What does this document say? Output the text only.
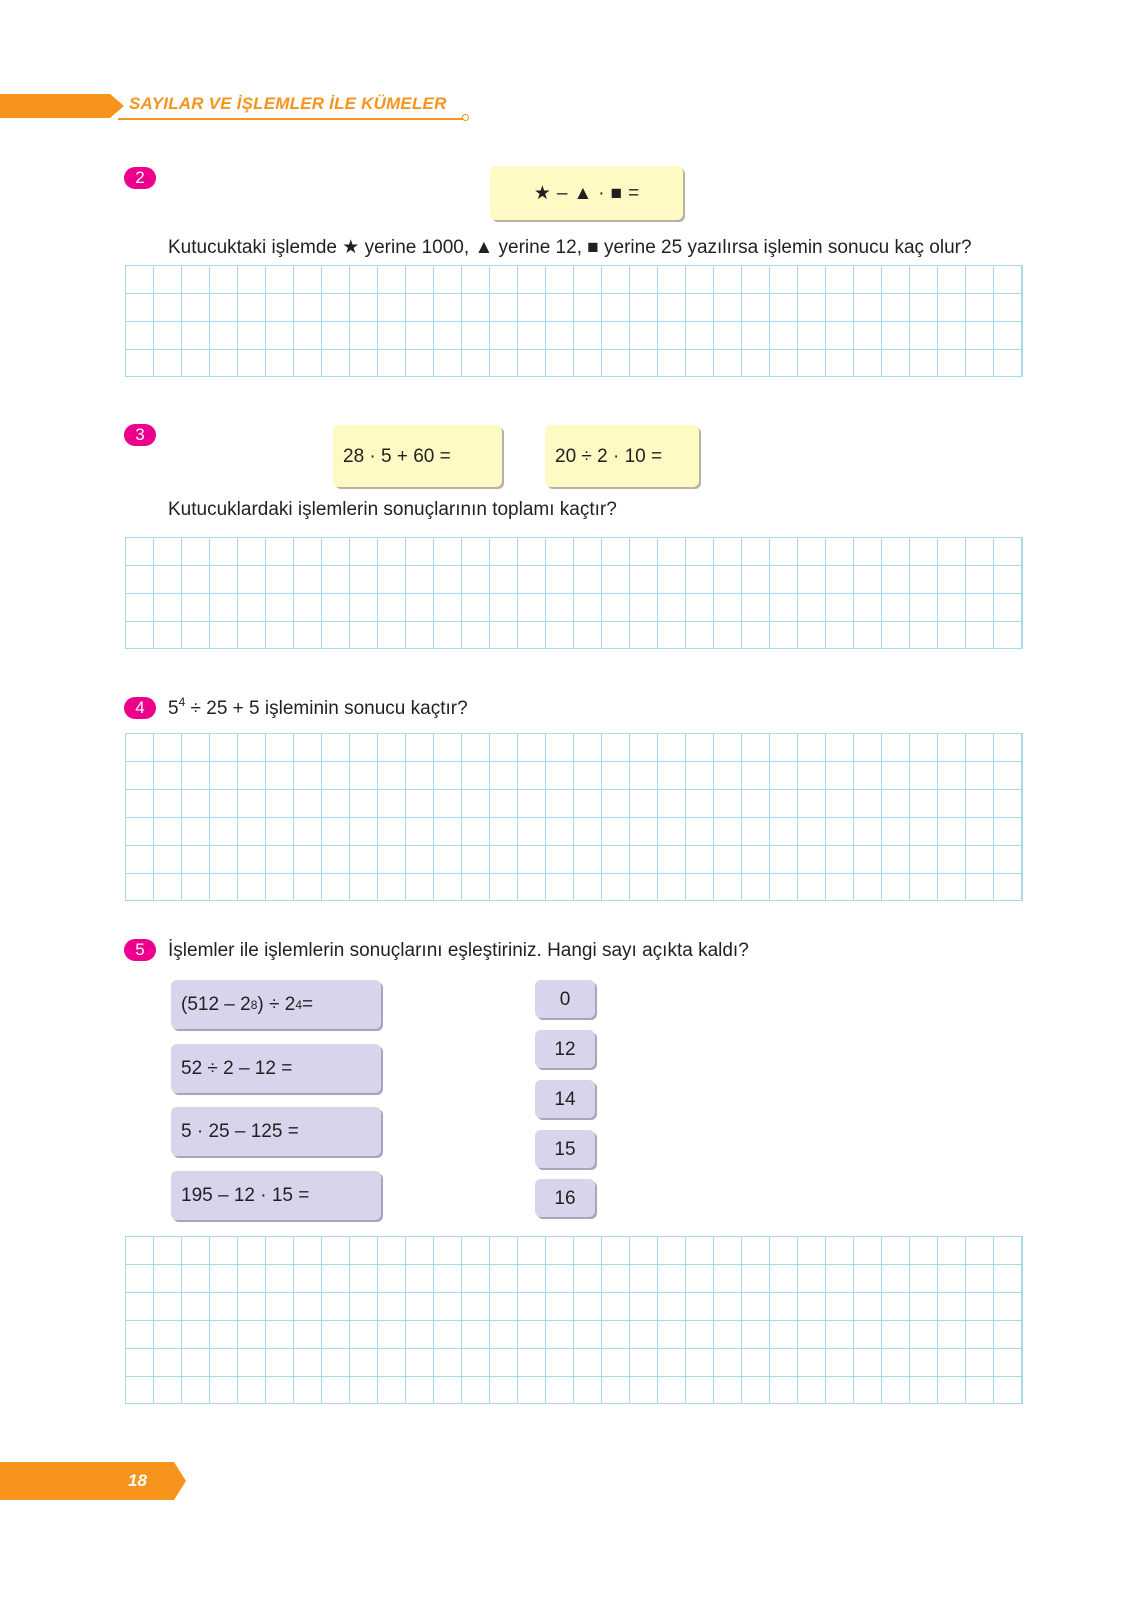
SAYILAR VE İŞLEMLER İLE KÜMELER
2
★ – ▲ · ■ =
Kutucuktaki işlemde ★ yerine 1000, ▲ yerine 12, ■ yerine 25 yazılırsa işlemin sonucu kaç olur?
3
28 · 5 + 60 =	20 ÷ 2 · 10 =
Kutucuklardaki işlemlerin sonuçlarının toplamı kaçtır?
4	$5^4 \div 25 + 5$ işleminin sonucu kaçtır?
5	İşlemler ile işlemlerin sonuçlarını eşleştiriniz. Hangi sayı açıkta kaldı?
(512 – 2 8 ) ÷ 2 4 =
52 ÷ 2 – 12 =
5 · 25 – 125 =
195 – 12 · 15 =
0
12
14
15
16
18
